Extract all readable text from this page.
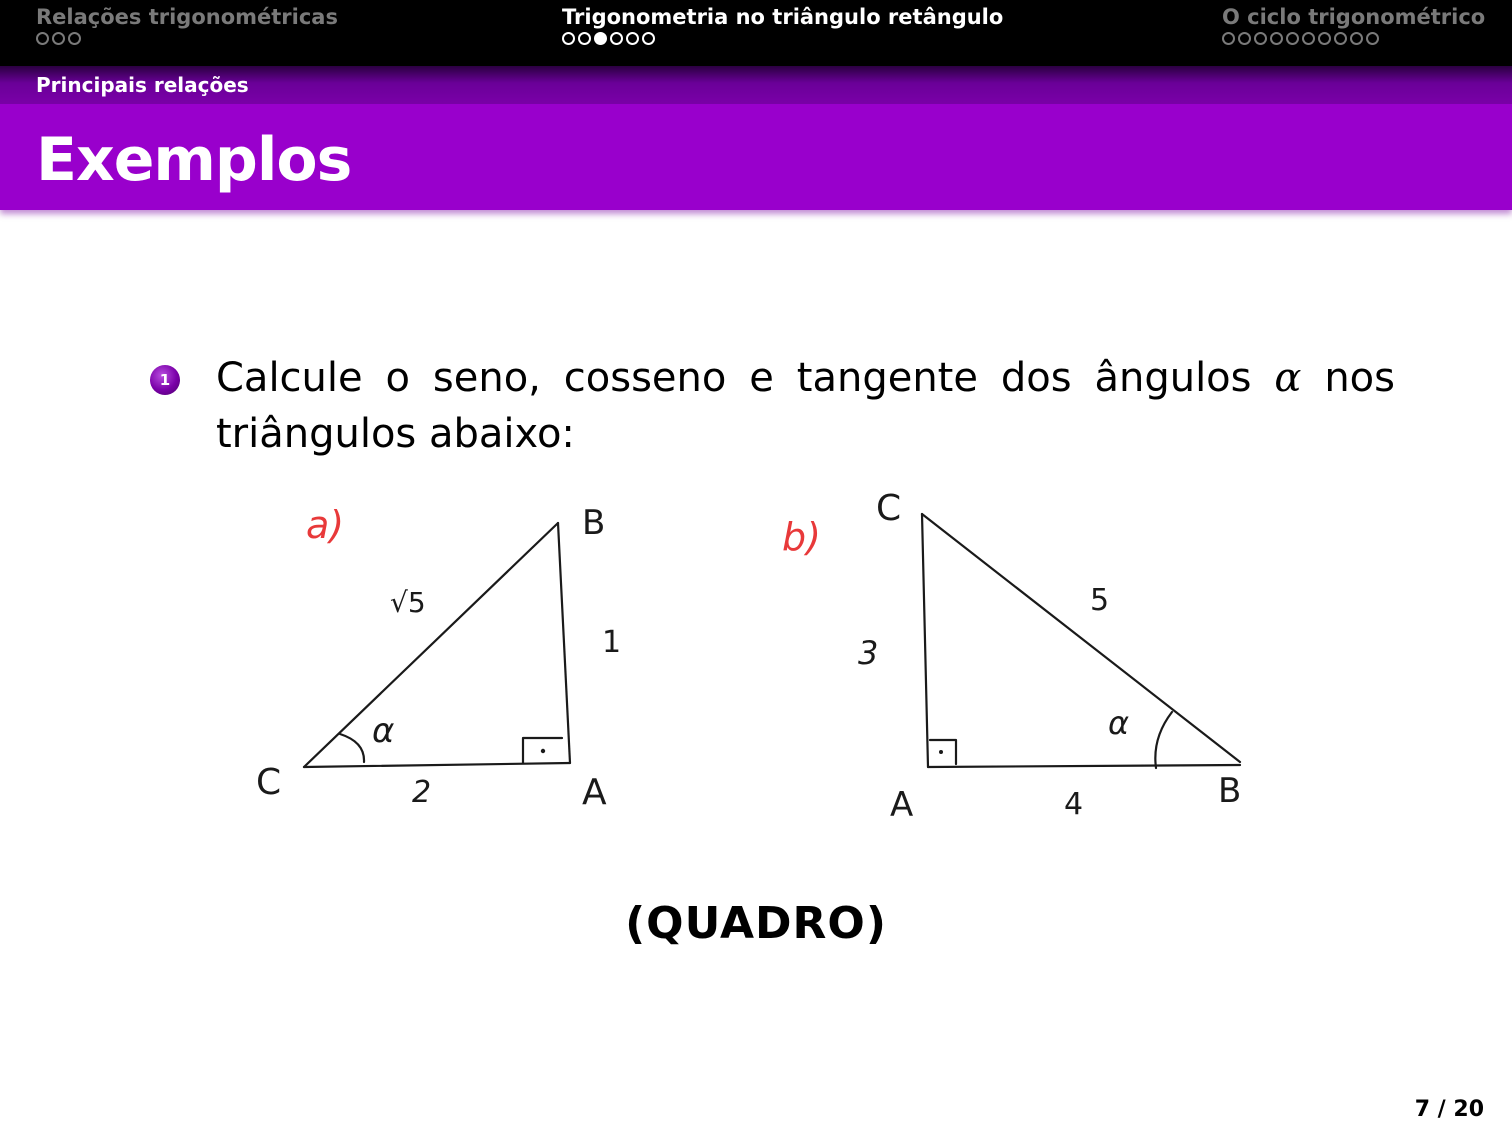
Relações trigonométricas	Trigonometria no triângulo retângulo	O ciclo trigonométrico
Principais relações
Exemplos
1 Calcule o seno, cosseno e tangente dos ângulos α nos triângulos abaixo:

a)	B
C	A
√5
1
2
α
b)
C
A	B
5
3
4
α
(QUADRO)
7 / 20
